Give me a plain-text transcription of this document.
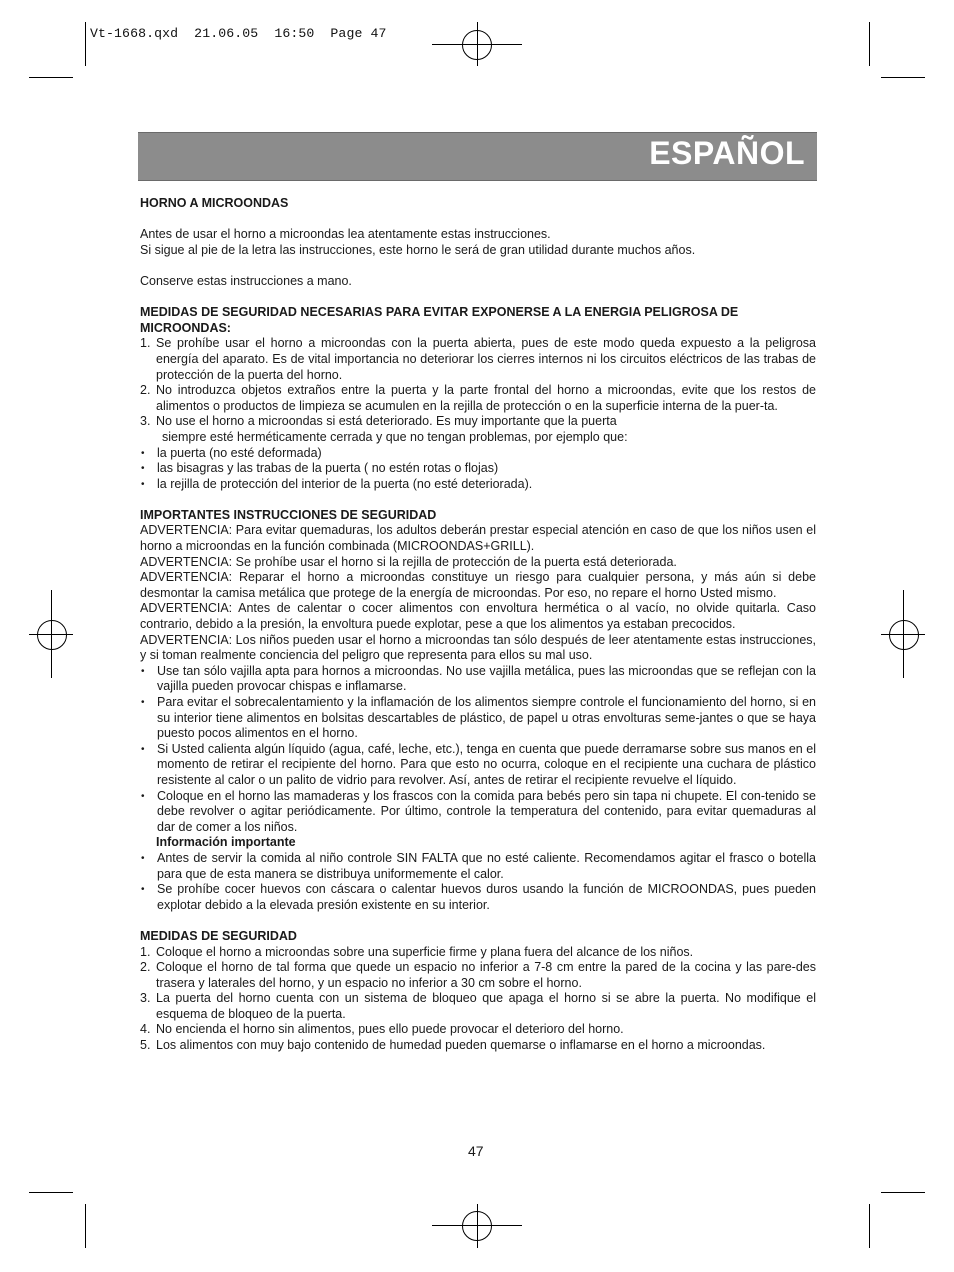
Vt-1668.qxd  21.06.05  16:50  Page 47
ESPAÑOL

HORNO A MICROONDAS

Antes de usar el horno a microondas lea atentamente estas instrucciones.

Si sigue al pie de la letra las instrucciones, este horno le será de gran utilidad durante muchos años.

Conserve estas instrucciones a mano.

MEDIDAS DE SEGURIDAD NECESARIAS PARA EVITAR EXPONERSE A LA ENERGIA PELIGROSA DE MICROONDAS:

1. Se prohíbe usar el horno a microondas con la puerta abierta, pues de este modo queda expuesto a la peligrosa energía del aparato. Es de vital importancia no deteriorar los cierres internos ni los circuitos eléctricos de las trabas de protección de la puerta del horno.
2. No introduzca objetos extraños entre la puerta y la parte frontal del horno a microondas, evite que los restos de alimentos o productos de limpieza se acumulen en la rejilla de protección o en la superficie interna de la puer-ta.
3. No use el horno a microondas si está deteriorado. Es muy importante que la puerta

siempre esté herméticamente cerrada y que no tengan problemas, por ejemplo que:

• la puerta (no esté deformada)
• las bisagras y las trabas de la puerta ( no estén rotas o flojas)
• la rejilla de protección del interior de la puerta (no esté deteriorada).

IMPORTANTES INSTRUCCIONES DE SEGURIDAD

ADVERTENCIA: Para evitar quemaduras, los adultos deberán prestar especial atención en caso de que los niños usen el horno a microondas en la función combinada (MICROONDAS+GRILL).

ADVERTENCIA: Se prohíbe usar el horno si la rejilla de protección de la puerta está deteriorada.

ADVERTENCIA: Reparar el horno a microondas constituye un riesgo para cualquier persona, y más aún si debe desmontar la camisa metálica que protege de la energía de microondas. Por eso, no repare el horno Usted mismo.

ADVERTENCIA: Antes de calentar o cocer alimentos con envoltura hermética o al vacío, no olvide quitarla. Caso contrario, debido a la presión, la envoltura puede explotar, pese a que los alimentos ya estaban precocidos.

ADVERTENCIA: Los niños pueden usar el horno a microondas tan sólo después de leer atentamente estas instrucciones, y si toman realmente conciencia del peligro que representa para ellos su mal uso.

• Use tan sólo vajilla apta para hornos a microondas. No use vajilla metálica, pues las microondas que se reflejan con la vajilla pueden provocar chispas e inflamarse.
• Para evitar el sobrecalentamiento y la inflamación de los alimentos siempre controle el funcionamiento del horno, si en su interior tiene alimentos en bolsitas descartables de plástico, de papel u otras envolturas seme-jantes o que se haya puesto pocos alimentos en el horno.
• Si Usted calienta algún líquido (agua, café, leche, etc.), tenga en cuenta que puede derramarse sobre sus manos en el momento de retirar el recipiente del horno. Para que esto no ocurra, coloque en el recipiente una cuchara de plástico resistente al calor o un palito de vidrio para revolver. Así, antes de retirar el recipiente revuelve el líquido.
• Coloque en el horno las mamaderas y los frascos con la comida para bebés pero sin tapa ni chupete. El con-tenido se debe revolver o agitar periódicamente. Por último, controle la temperatura del contenido, para evitar quemaduras al dar de comer a los niños.

Información importante

• Antes de servir la comida al niño controle SIN FALTA que no esté caliente. Recomendamos agitar el frasco o botella para que de esta manera se distribuya uniformemente el calor.
• Se prohíbe cocer huevos con cáscara o calentar huevos duros usando la función de MICROONDAS, pues pueden explotar debido a la elevada presión existente en su interior.

MEDIDAS DE SEGURIDAD

1. Coloque el horno a microondas sobre una superficie firme y plana fuera del alcance de los niños.
2. Coloque el horno de tal forma que quede un espacio no inferior a 7-8 cm entre la pared de la cocina y las pare-des trasera y laterales del horno, y un espacio no inferior a 30 cm sobre el horno.
3. La puerta del horno cuenta con un sistema de bloqueo que apaga el horno si se abre la puerta. No modifique el esquema de bloqueo de la puerta.
4. No encienda el horno sin alimentos, pues ello puede provocar el deterioro del horno.
5. Los alimentos con muy bajo contenido de humedad pueden quemarse o inflamarse en el horno a microondas.
47
